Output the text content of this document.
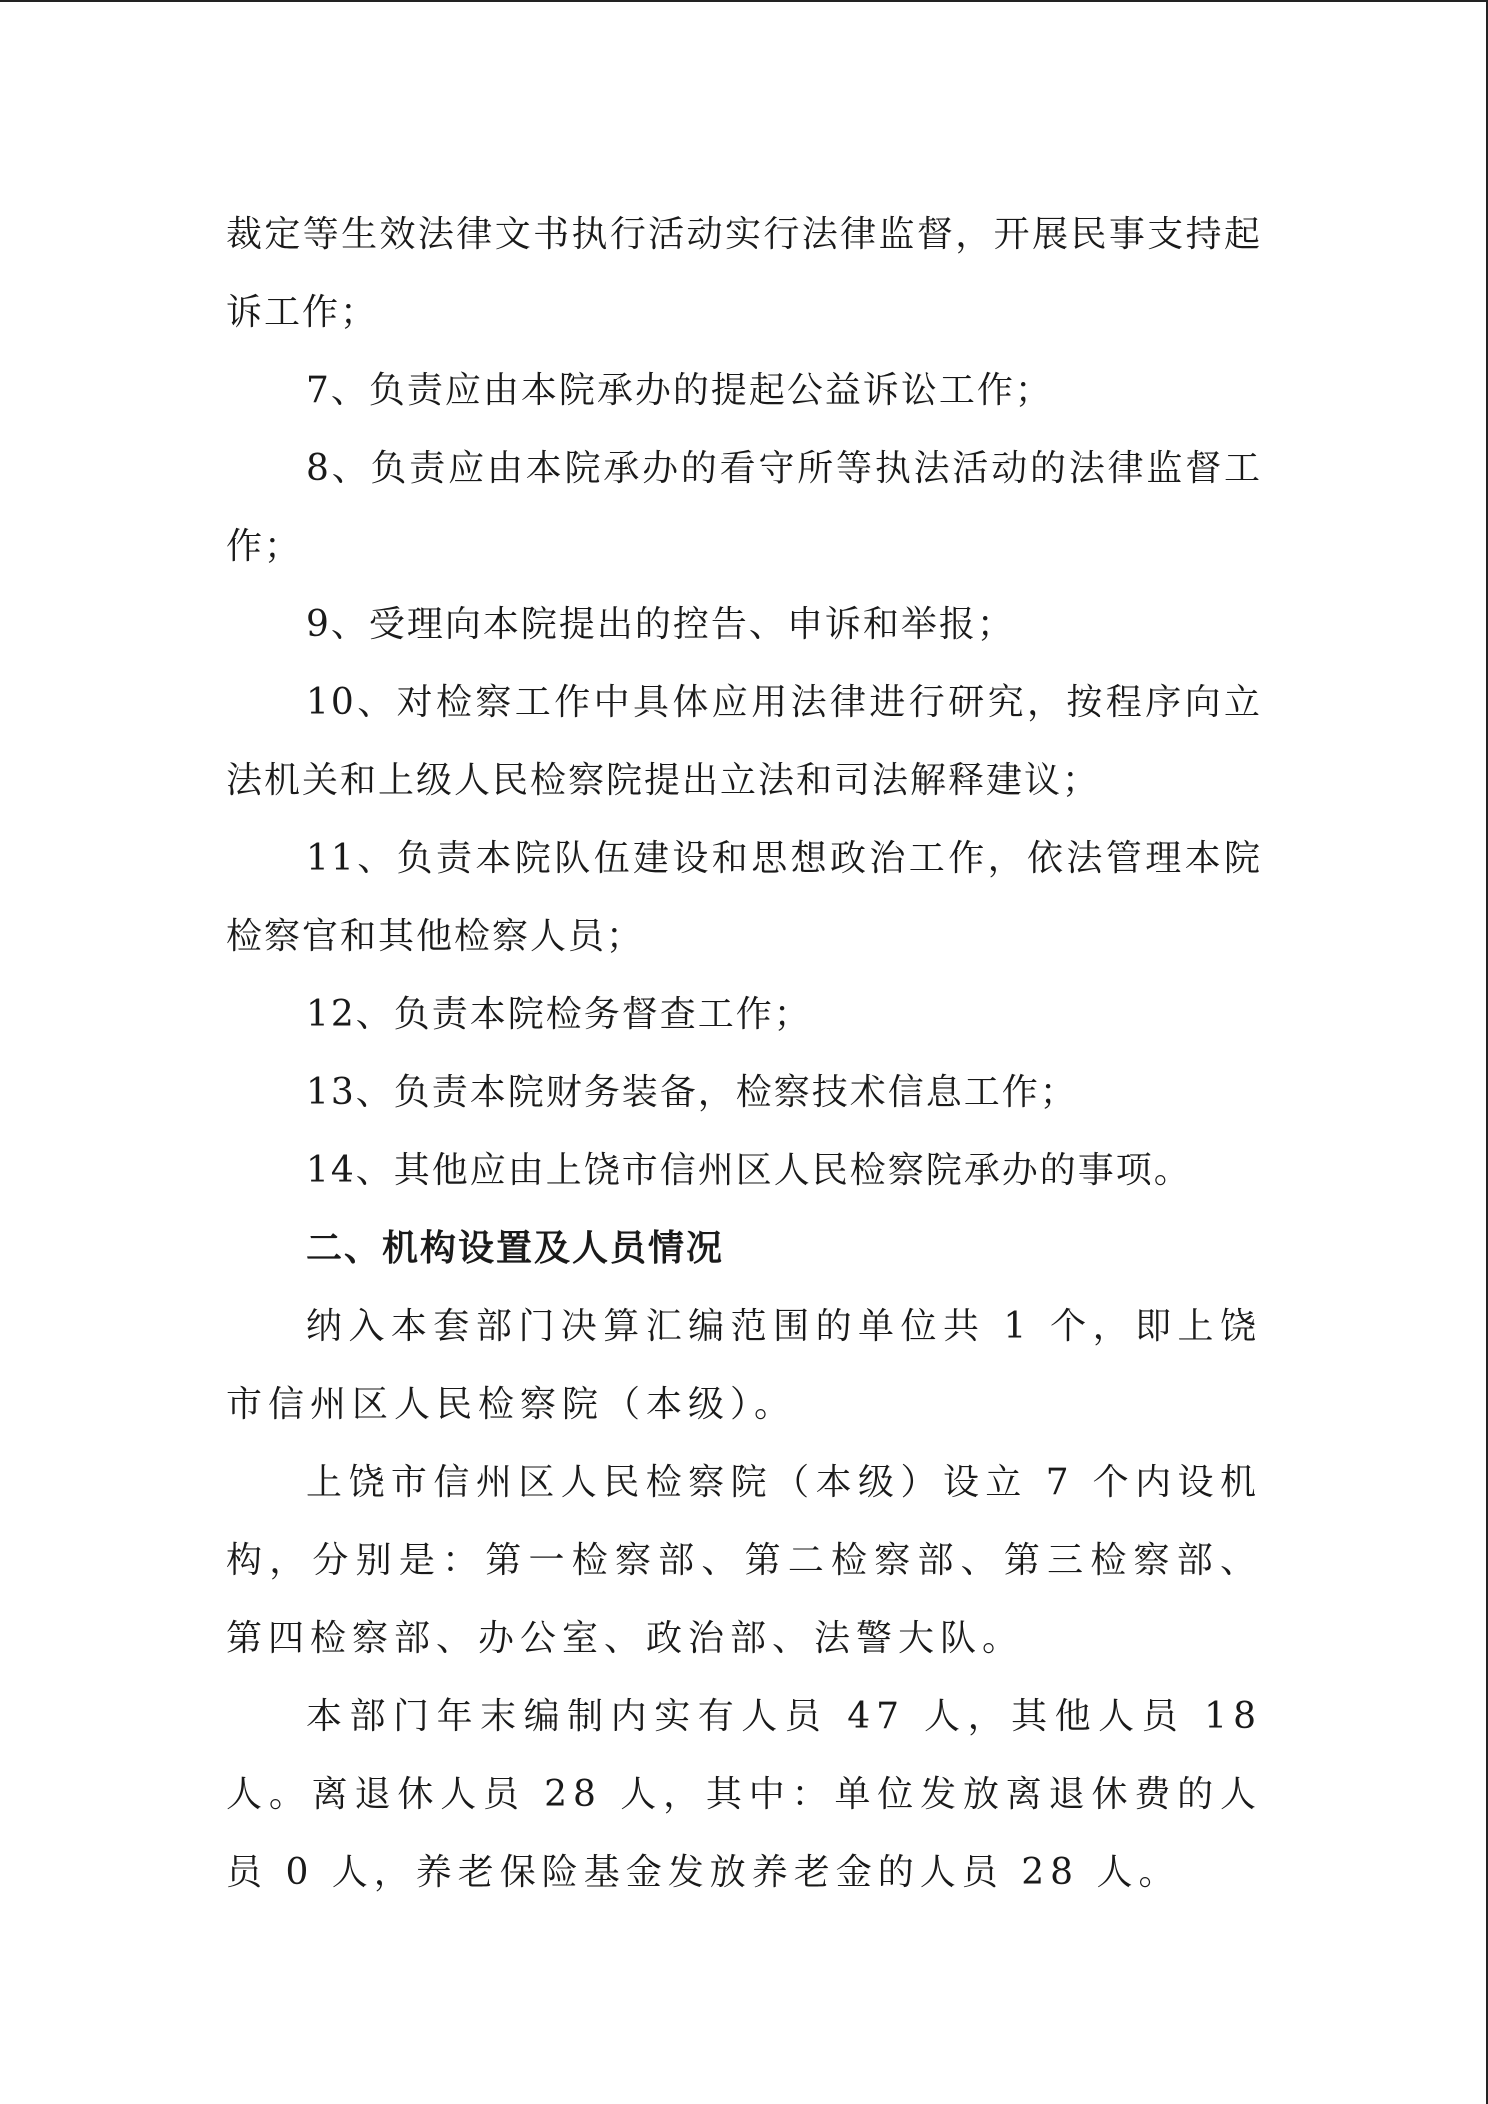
裁定等生效法律文书执行活动实行法律监督，开展民事支持起诉工作；

7、负责应由本院承办的提起公益诉讼工作；

8、负责应由本院承办的看守所等执法活动的法律监督工作；

9、受理向本院提出的控告、申诉和举报；

10、对检察工作中具体应用法律进行研究，按程序向立法机关和上级人民检察院提出立法和司法解释建议；

11、负责本院队伍建设和思想政治工作，依法管理本院检察官和其他检察人员；

12、负责本院检务督查工作；

13、负责本院财务装备，检察技术信息工作；

14、其他应由上饶市信州区人民检察院承办的事项。

二、机构设置及人员情况

纳入本套部门决算汇编范围的单位共 1 个，即上饶市信州区人民检察院（本级）。

上饶市信州区人民检察院（本级）设立 7 个内设机构，分别是：第一检察部、第二检察部、第三检察部、第四检察部、办公室、政治部、法警大队。

本部门年末编制内实有人员 47 人，其他人员 18 人。离退休人员 28 人，其中：单位发放离退休费的人员 0 人，养老保险基金发放养老金的人员 28 人。
